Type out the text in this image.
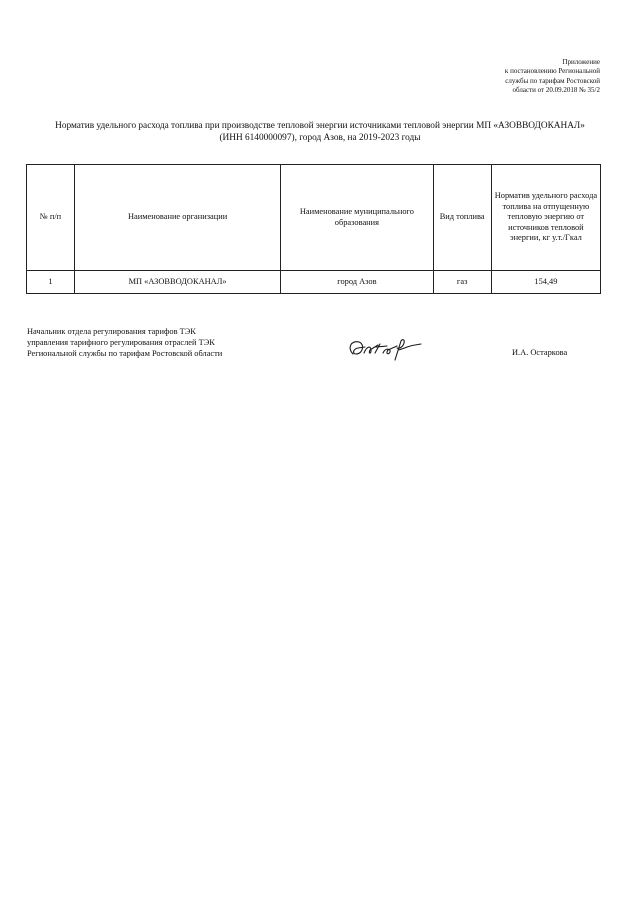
Приложение
к постановлению Региональной
службы по тарифам Ростовской
области от 20.09.2018 № 35/2
Норматив удельного расхода топлива при производстве тепловой энергии источниками тепловой энергии МП «АЗОВВОДОКАНАЛ»
(ИНН 6140000097), город Азов, на 2019-2023 годы
№ п/п	Наименование организации	Наименование муниципального образования	Вид топлива	Норматив удельного расхода топлива на отпущенную тепловую энергию от источников тепловой энергии, кг у.т./Гкал
1	МП «АЗОВВОДОКАНАЛ»	город Азов	газ	154,49
Начальник отдела регулирования тарифов ТЭК
управления тарифного регулирования отраслей ТЭК
Региональной службы по тарифам Ростовской области	И.А. Остаркова
